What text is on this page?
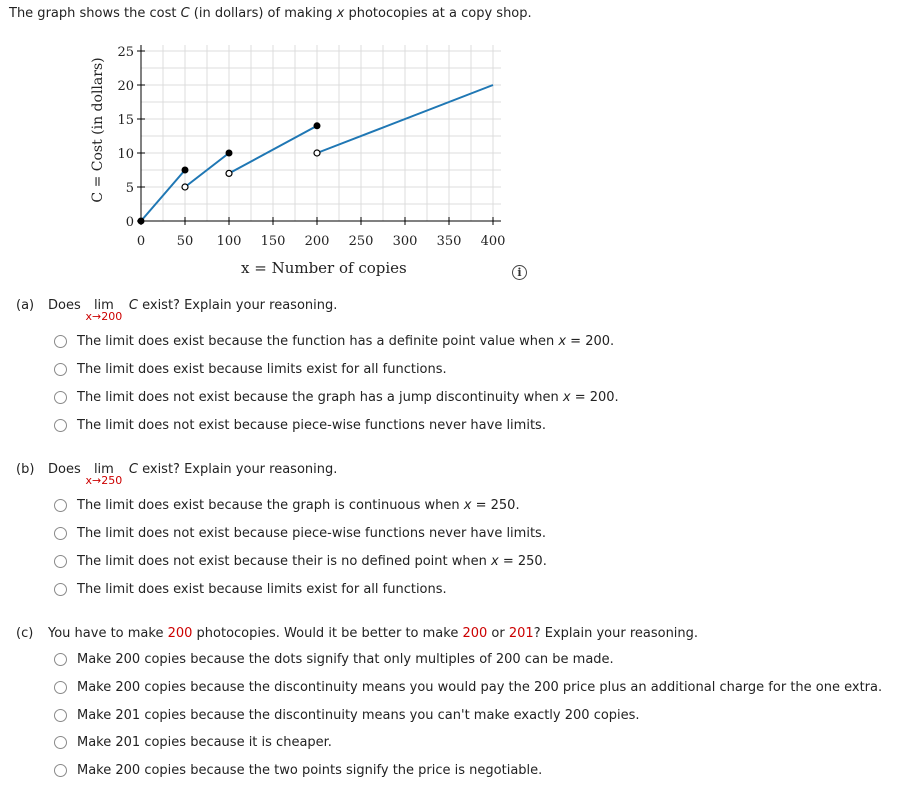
The graph shows the cost C (in dollars) of making x photocopies at a copy shop.
0 50 100 150 200 250 300 350 400
0
5
10
15
20
25
C = Cost (in dollars)
x = Number of copies	i
(a) Does	lim
x→200
C exist? Explain your reasoning.
The limit does exist because the function has a definite point value when x = 200.
The limit does exist because limits exist for all functions.
The limit does not exist because the graph has a jump discontinuity when x = 200.
The limit does not exist because piece-wise functions never have limits.
(b) Does	lim
x→250
C exist? Explain your reasoning.
The limit does exist because the graph is continuous when x = 250.
The limit does not exist because piece-wise functions never have limits.
The limit does not exist because their is no defined point when x = 250.
The limit does exist because limits exist for all functions.
(c) You have to make 200 photocopies. Would it be better to make 200 or 201? Explain your reasoning.
Make 200 copies because the dots signify that only multiples of 200 can be made.
Make 200 copies because the discontinuity means you would pay the 200 price plus an additional charge for the one extra.
Make 201 copies because the discontinuity means you can't make exactly 200 copies.
Make 201 copies because it is cheaper.
Make 200 copies because the two points signify the price is negotiable.
